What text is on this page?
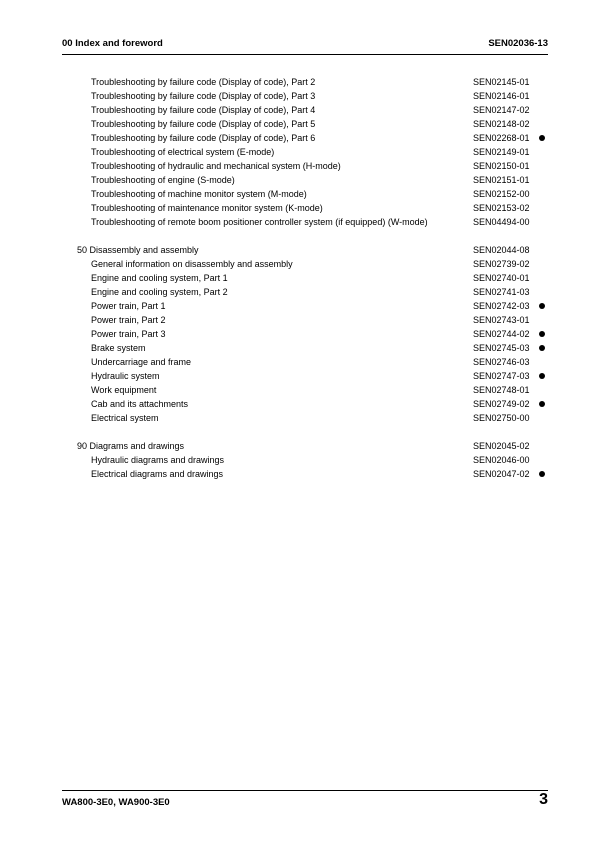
00 Index and foreword	SEN02036-13
Troubleshooting by failure code (Display of code), Part 2	SEN02145-01
Troubleshooting by failure code (Display of code), Part 3	SEN02146-01
Troubleshooting by failure code (Display of code), Part 4	SEN02147-02
Troubleshooting by failure code (Display of code), Part 5	SEN02148-02
Troubleshooting by failure code (Display of code), Part 6	SEN02268-01
Troubleshooting of electrical system (E-mode)	SEN02149-01
Troubleshooting of hydraulic and mechanical system (H-mode)	SEN02150-01
Troubleshooting of engine (S-mode)	SEN02151-01
Troubleshooting of machine monitor system (M-mode)	SEN02152-00
Troubleshooting of maintenance monitor system (K-mode)	SEN02153-02
Troubleshooting of remote boom positioner controller system (if equipped) (W-mode)	SEN04494-00
50 Disassembly and assembly	SEN02044-08
General information on disassembly and assembly	SEN02739-02
Engine and cooling system, Part 1	SEN02740-01
Engine and cooling system, Part 2	SEN02741-03
Power train, Part 1	SEN02742-03
Power train, Part 2	SEN02743-01
Power train, Part 3	SEN02744-02
Brake system	SEN02745-03
Undercarriage and frame	SEN02746-03
Hydraulic system	SEN02747-03
Work equipment	SEN02748-01
Cab and its attachments	SEN02749-02
Electrical system	SEN02750-00
90 Diagrams and drawings	SEN02045-02
Hydraulic diagrams and drawings	SEN02046-00
Electrical diagrams and drawings	SEN02047-02
WA800-3E0, WA900-3E0	3
